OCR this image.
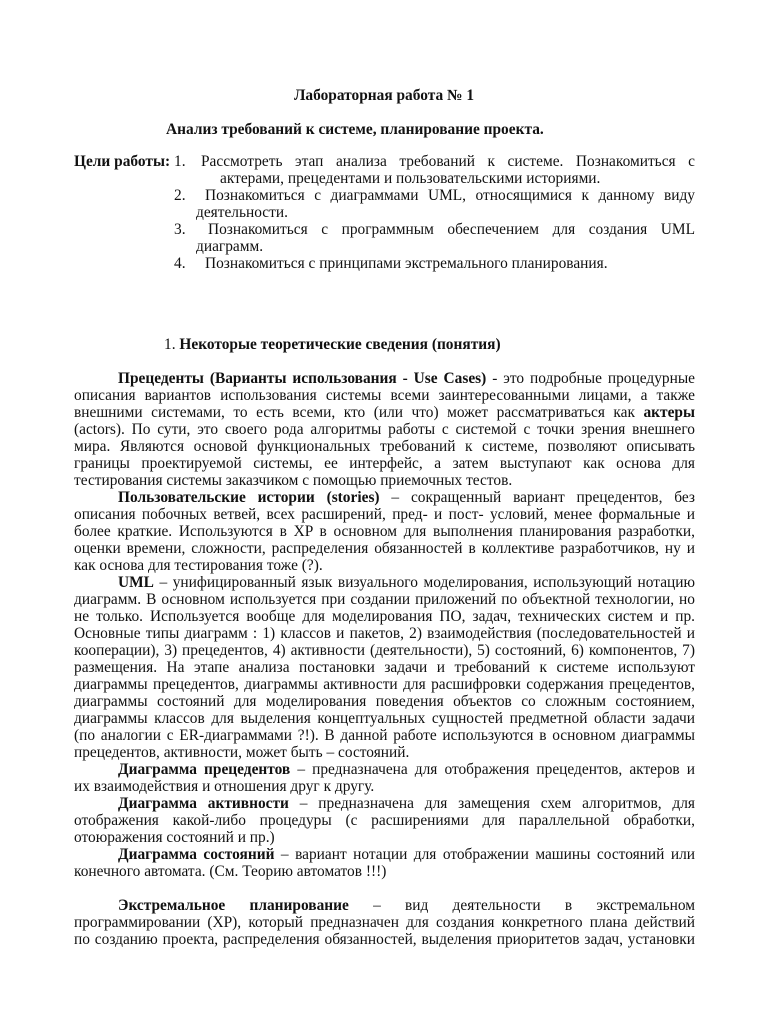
Лабораторная работа № 1
Анализ требований к системе, планирование проекта.
Цели работы: 1. Рассмотреть этап анализа требований к системе. Познакомиться с
актерами, прецедентами и пользовательскими историями.
2. Познакомиться с диаграммами UML, относящимися к данному виду
деятельности.
3. Познакомиться с программным обеспечением для создания UML
диаграмм.
4. Познакомиться с принципами экстремального планирования.
1. Некоторые теоретические сведения (понятия)
Прецеденты (Варианты использования - Use Cases) - это подробные процедурные
описания вариантов использования системы всеми заинтересованными лицами, а также
внешними системами, то есть всеми, кто (или что) может рассматриваться как актеры
(actors). По сути, это своего рода алгоритмы работы с системой с точки зрения внешнего
мира. Являются основой функциональных требований к системе, позволяют описывать
границы проектируемой системы, ее интерфейс, а затем выступают как основа для
тестирования системы заказчиком с помощью приемочных тестов.
Пользовательские истории (stories) – сокращенный вариант прецедентов, без
описания побочных ветвей, всех расширений, пред- и пост- условий, менее формальные и
более краткие. Используются в XP в основном для выполнения планирования разработки,
оценки времени, сложности, распределения обязанностей в коллективе разработчиков, ну и
как основа для тестирования тоже (?).
UML – унифицированный язык визуального моделирования, использующий нотацию
диаграмм. В основном используется при создании приложений по объектной технологии, но
не только. Используется вообще для моделирования ПО, задач, технических систем и пр.
Основные типы диаграмм : 1) классов и пакетов, 2) взаимодействия (последовательностей и
кооперации), 3) прецедентов, 4) активности (деятельности), 5) состояний, 6) компонентов, 7)
размещения. На этапе анализа постановки задачи и требований к системе используют
диаграммы прецедентов, диаграммы активности для расшифровки содержания прецедентов,
диаграммы состояний для моделирования поведения объектов со сложным состоянием,
диаграммы классов для выделения концептуальных сущностей предметной области задачи
(по аналогии с ER-диаграммами ?!). В данной работе используются в основном диаграммы
прецедентов, активности, может быть – состояний.
Диаграмма прецедентов – предназначена для отображения прецедентов, актеров и
их взаимодействия и отношения друг к другу.
Диаграмма активности – предназначена для замещения схем алгоритмов, для
отображения какой-либо процедуры (с расширениями для параллельной обработки,
отоюражения состояний и пр.)
Диаграмма состояний – вариант нотации для отображении машины состояний или
конечного автомата. (См. Теорию автоматов !!!)
Экстремальное планирование – вид деятельности в экстремальном
программировании (XP), который предназначен для создания конкретного плана действий
по созданию проекта, распределения обязанностей, выделения приоритетов задач, установки
